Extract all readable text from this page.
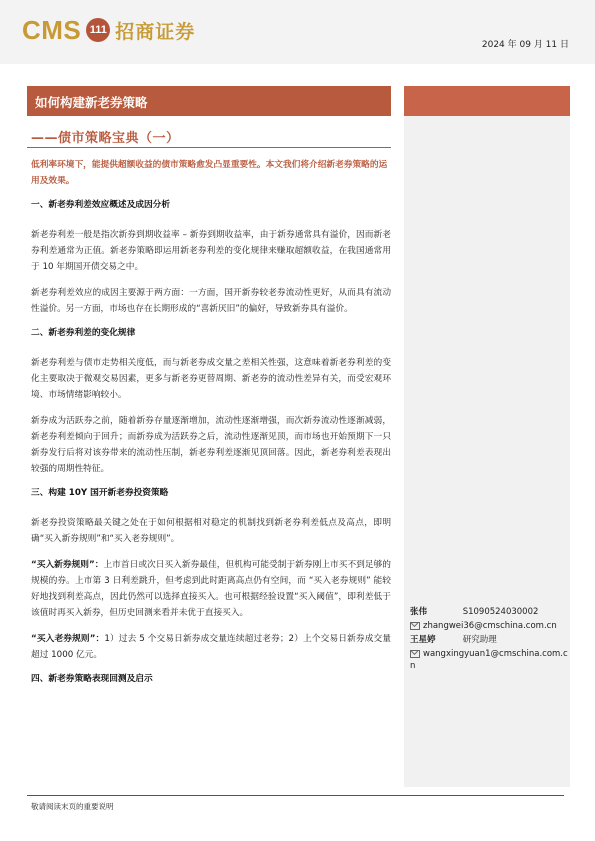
CMS 111 招商证券
2024 年 09 月 11 日
如何构建新老券策略
——债市策略宝典（一）

低利率环境下，能提供超额收益的债市策略愈发凸显重要性。本文我们将介绍新老券策略的运用及效果。

一、新老券利差效应概述及成因分析

新老券利差一般是指次新券到期收益率 – 新券到期收益率，由于新券通常具有溢价，因而新老券利差通常为正值。新老券策略即运用新老券利差的变化规律来赚取超额收益，在我国通常用于 10 年期国开债交易之中。

新老券利差效应的成因主要源于两方面：一方面，国开新券较老券流动性更好，从而具有流动性溢价。另一方面，市场也存在长期形成的“喜新厌旧”的偏好，导致新券具有溢价。

二、新老券利差的变化规律

新老券利差与债市走势相关度低，而与新老券成交量之差相关性强，这意味着新老券利差的变化主要取决于微观交易因素，更多与新老券更替周期、新老券的流动性差异有关，而受宏观环境、市场情绪影响较小。

新券成为活跃券之前，随着新券存量逐渐增加，流动性逐渐增强，而次新券流动性逐渐减弱，新老券利差倾向于回升；而新券成为活跃券之后，流动性逐渐见顶，而市场也开始预期下一只新券发行后将对该券带来的流动性压制，新老券利差逐渐见顶回落。因此，新老券利差表现出较强的周期性特征。

三、构建 10Y 国开新老券投资策略

新老券投资策略最关键之处在于如何根据相对稳定的机制找到新老券利差低点及高点，即明确“买入新券规则”和“买入老券规则”。

“买入新券规则”：上市首日或次日买入新券最佳，但机构可能受制于新券刚上市买不到足够的规模的券。上市第 3 日利差跳升，但考虑到此时距离高点仍有空间，而 “买入老券规则” 能较好地找到利差高点，因此仍然可以选择直接买入。也可根据经验设置“买入阈值”，即利差低于该值时再买入新券，但历史回测来看并未优于直接买入。

“买入老券规则”：1）过去 5 个交易日新券成交量连续超过老券；2）上个交易日新券成交量超过 1000 亿元。

四、新老券策略表现回测及启示

张伟	S1090524030002
zhangwei36@cmschina.com.cn
王星婷	研究助理
wangxingyuan1@cmschina.com.cn
敬请阅读末页的重要说明
